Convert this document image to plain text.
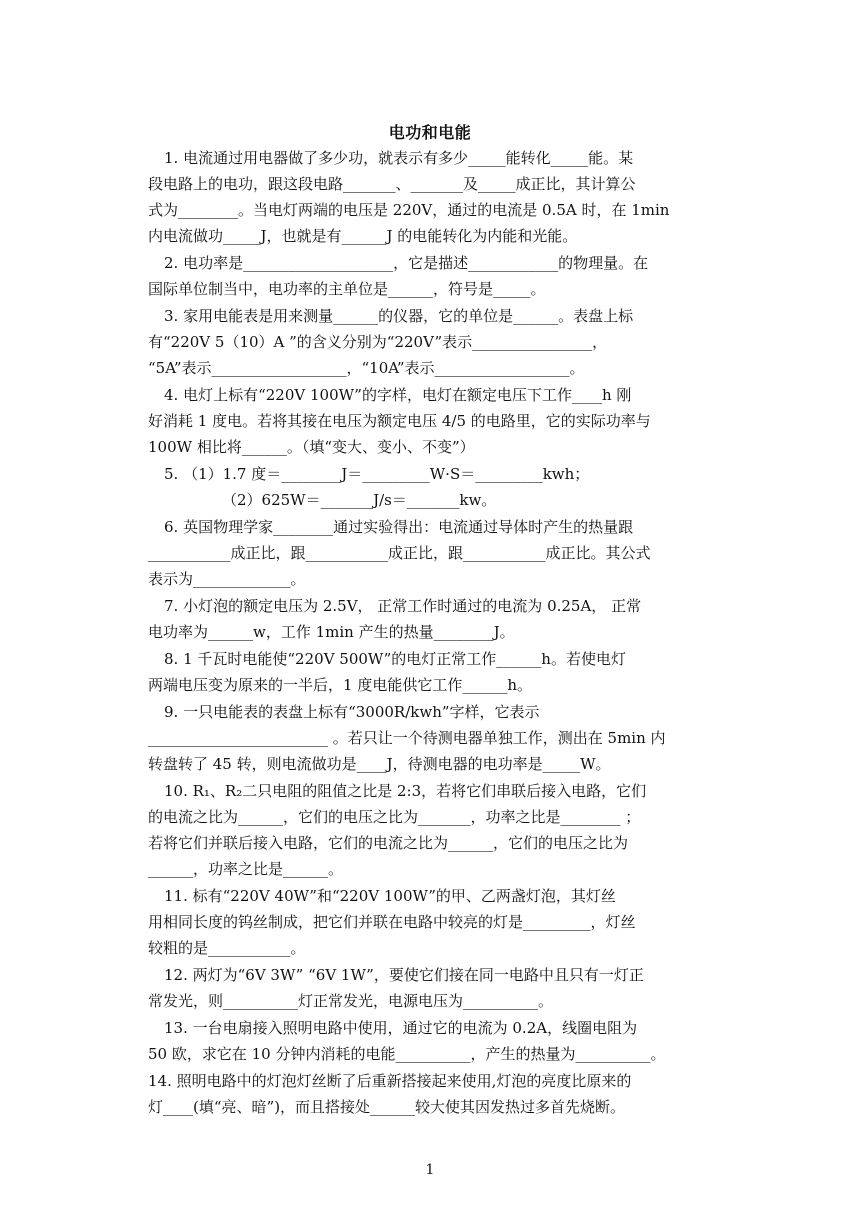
电功和电能
1. 电流通过用电器做了多少功，就表示有多少_____能转化_____能。某
段电路上的电功，跟这段电路_______、_______及_____成正比，其计算公
式为________。当电灯两端的电压是 220V，通过的电流是 0.5A 时，在 1min
内电流做功_____J，也就是有______J 的电能转化为内能和光能。
2. 电功率是____________________，它是描述____________的物理量。在
国际单位制当中，电功率的主单位是______，符号是_____。
3. 家用电能表是用来测量______的仪器，它的单位是______。表盘上标
有“220V 5（10）A ”的含义分别为“220V”表示________________，
“5A”表示__________________，“10A”表示__________________。
4. 电灯上标有“220V 100W”的字样，电灯在额定电压下工作____h 刚
好消耗 1 度电。若将其接在电压为额定电压 4/5 的电路里，它的实际功率与
100W 相比将______。（填“变大、变小、不变”）
5. （1）1.7 度＝________J＝_________W·S＝_________kwh；
（2）625W＝_______J/s＝_______kw。
6. 英国物理学家________通过实验得出：电流通过导体时产生的热量跟
___________成正比，跟___________成正比，跟___________成正比。其公式
表示为_____________。
7. 小灯泡的额定电压为 2.5V， 正常工作时通过的电流为 0.25A， 正常
电功率为______w，工作 1min 产生的热量________J。
8. 1 千瓦时电能使“220V 500W”的电灯正常工作______h。若使电灯
两端电压变为原来的一半后，1 度电能供它工作______h。
9. 一只电能表的表盘上标有“3000R/kwh”字样，它表示
________________________ 。若只让一个待测电器单独工作，测出在 5min 内
转盘转了 45 转，则电流做功是____J，待测电器的电功率是_____W。
10. R₁、R₂二只电阻的阻值之比是 2:3，若将它们串联后接入电路，它们
的电流之比为______，它们的电压之比为_______，功率之比是________ ；
若将它们并联后接入电路，它们的电流之比为______，它们的电压之比为
______，功率之比是______。
11. 标有“220V 40W”和“220V 100W”的甲、乙两盏灯泡，其灯丝
用相同长度的钨丝制成，把它们并联在电路中较亮的灯是_________，灯丝
较粗的是___________。
12. 两灯为“6V 3W” “6V 1W”，要使它们接在同一电路中且只有一灯正
常发光，则__________灯正常发光，电源电压为__________。
13. 一台电扇接入照明电路中使用，通过它的电流为 0.2A，线圈电阻为
50 欧，求它在 10 分钟内消耗的电能__________，产生的热量为__________。
14. 照明电路中的灯泡灯丝断了后重新搭接起来使用,灯泡的亮度比原来的
灯____(填“亮、暗”)，而且搭接处______较大使其因发热过多首先烧断。
1
